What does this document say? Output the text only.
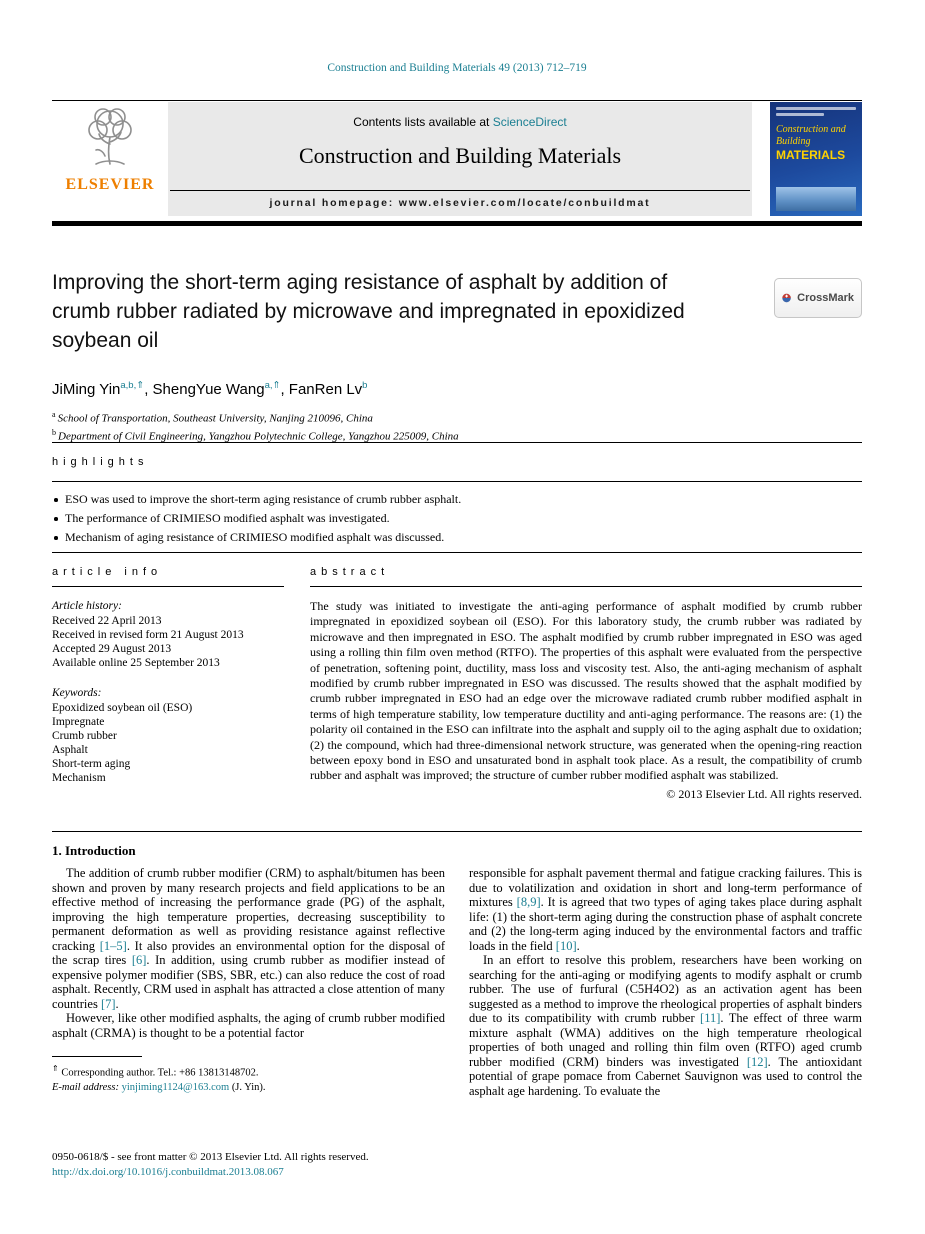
Construction and Building Materials 49 (2013) 712–719
ELSEVIER
Contents lists available at ScienceDirect
Construction and Building Materials
journal homepage: www.elsevier.com/locate/conbuildmat
Construction and Building
MATERIALS
Improving the short-term aging resistance of asphalt by addition of crumb rubber radiated by microwave and impregnated in epoxidized soybean oil
CrossMark
JiMing Yin$^{a,b,⇑}$, ShengYue Wang$^{a,⇑}$, FanRen Lv$^b$
$^a$ School of Transportation, Southeast University, Nanjing 210096, China
$^b$ Department of Civil Engineering, Yangzhou Polytechnic College, Yangzhou 225009, China
highlights
ESO was used to improve the short-term aging resistance of crumb rubber asphalt.
The performance of CRIMIESO modified asphalt was investigated.
Mechanism of aging resistance of CRIMIESO modified asphalt was discussed.
article info
Article history:
Received 22 April 2013
Received in revised form 21 August 2013
Accepted 29 August 2013
Available online 25 September 2013
Keywords:
Epoxidized soybean oil (ESO)
Impregnate
Crumb rubber
Asphalt
Short-term aging
Mechanism
abstract
The study was initiated to investigate the anti-aging performance of asphalt modified by crumb rubber impregnated in epoxidized soybean oil (ESO). For this laboratory study, the crumb rubber was radiated by microwave and then impregnated in ESO. The asphalt modified by crumb rubber impregnated in ESO was aged using a rolling thin film oven method (RTFO). The properties of this asphalt were evaluated from the perspective of penetration, softening point, ductility, mass loss and viscosity test. Also, the anti-aging mechanism of asphalt modified by crumb rubber impregnated in ESO was discussed. The results showed that the asphalt modified by crumb rubber impregnated in ESO had an edge over the microwave radiated crumb rubber modified asphalt in terms of high temperature stability, low temperature ductility and anti-aging performance. The reasons are: (1) the polarity oil contained in the ESO can infiltrate into the asphalt and supply oil to the aging asphalt due to oxidation; (2) the compound, which had three-dimensional network structure, was generated when the opening-ring reaction between epoxy bond in ESO and unsaturated bond in asphalt took place. As a result, the compatibility of crumb rubber and asphalt was improved; the structure of cumber rubber modified asphalt was stabilized.
© 2013 Elsevier Ltd. All rights reserved.
1. Introduction

The addition of crumb rubber modifier (CRM) to asphalt/bitumen has been shown and proven by many research projects and field applications to be an effective method of increasing the performance grade (PG) of the asphalt, improving the high temperature properties, decreasing susceptibility to permanent deformation as well as providing resistance against reflective cracking [1–5]. It also provides an environmental option for the disposal of the scrap tires [6]. In addition, using crumb rubber as modifier instead of expensive polymer modifier (SBS, SBR, etc.) can also reduce the cost of road asphalt. Recently, CRM used in asphalt has attracted a close attention of many countries [7].

However, like other modified asphalts, the aging of crumb rubber modified asphalt (CRMA) is thought to be a potential factor

⇑ Corresponding author. Tel.: +86 13813148702.
E-mail address: yinjiming1124@163.com (J. Yin).

responsible for asphalt pavement thermal and fatigue cracking failures. This is due to volatilization and oxidation in short and long-term performance of mixtures [8,9]. It is agreed that two types of aging takes place during asphalt life: (1) the short-term aging during the construction phase of asphalt concrete and (2) the long-term aging induced by the environmental factors and traffic loads in the field [10].

In an effort to resolve this problem, researchers have been working on searching for the anti-aging or modifying agents to modify asphalt or crumb rubber. The use of furfural (C5H4O2) as an activation agent has been suggested as a method to improve the rheological properties of asphalt binders due to its compatibility with crumb rubber [11]. The effect of three warm mixture asphalt (WMA) additives on the high temperature rheological properties of both unaged and rolling thin film oven (RTFO) aged crumb rubber modified (CRM) binders was investigated [12]. The antioxidant potential of grape pomace from Cabernet Sauvignon was used to control the asphalt age hardening. To evaluate the

0950-0618/$ - see front matter © 2013 Elsevier Ltd. All rights reserved.
http://dx.doi.org/10.1016/j.conbuildmat.2013.08.067
